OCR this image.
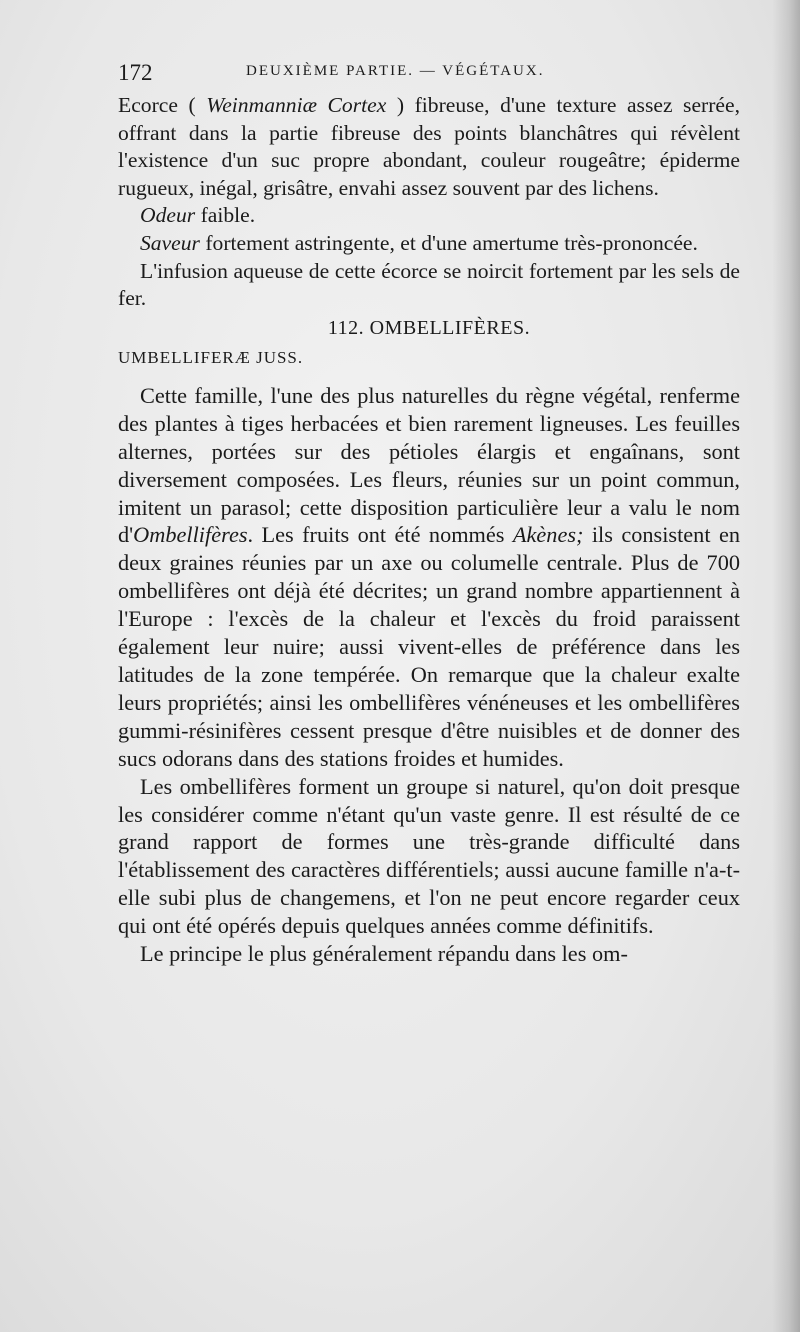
172	DEUXIÈME PARTIE. — VÉGÉTAUX.

Ecorce ( Weinmanniæ Cortex ) fibreuse, d'une texture assez serrée, offrant dans la partie fibreuse des points blanchâtres qui révèlent l'existence d'un suc propre abondant, couleur rougeâtre; épiderme rugueux, inégal, grisâtre, envahi assez souvent par des lichens.

Odeur faible.

Saveur fortement astringente, et d'une amertume très-prononcée.

L'infusion aqueuse de cette écorce se noircit fortement par les sels de fer.

112. OMBELLIFÈRES.
UMBELLIFERÆ JUSS.

Cette famille, l'une des plus naturelles du règne végétal, renferme des plantes à tiges herbacées et bien rarement ligneuses. Les feuilles alternes, portées sur des pétioles élargis et engaînans, sont diversement composées. Les fleurs, réunies sur un point commun, imitent un parasol; cette disposition particulière leur a valu le nom d'Ombellifères. Les fruits ont été nommés Akènes; ils consistent en deux graines réunies par un axe ou columelle centrale. Plus de 700 ombellifères ont déjà été décrites; un grand nombre appartiennent à l'Europe : l'excès de la chaleur et l'excès du froid paraissent également leur nuire; aussi vivent-elles de préférence dans les latitudes de la zone tempérée. On remarque que la chaleur exalte leurs propriétés; ainsi les ombellifères vénéneuses et les ombellifères gummi-résinifères cessent presque d'être nuisibles et de donner des sucs odorans dans des stations froides et humides.

Les ombellifères forment un groupe si naturel, qu'on doit presque les considérer comme n'étant qu'un vaste genre. Il est résulté de ce grand rapport de formes une très-grande difficulté dans l'établissement des caractères différentiels; aussi aucune famille n'a-t-elle subi plus de changemens, et l'on ne peut encore regarder ceux qui ont été opérés depuis quelques années comme définitifs.

Le principe le plus généralement répandu dans les om-
